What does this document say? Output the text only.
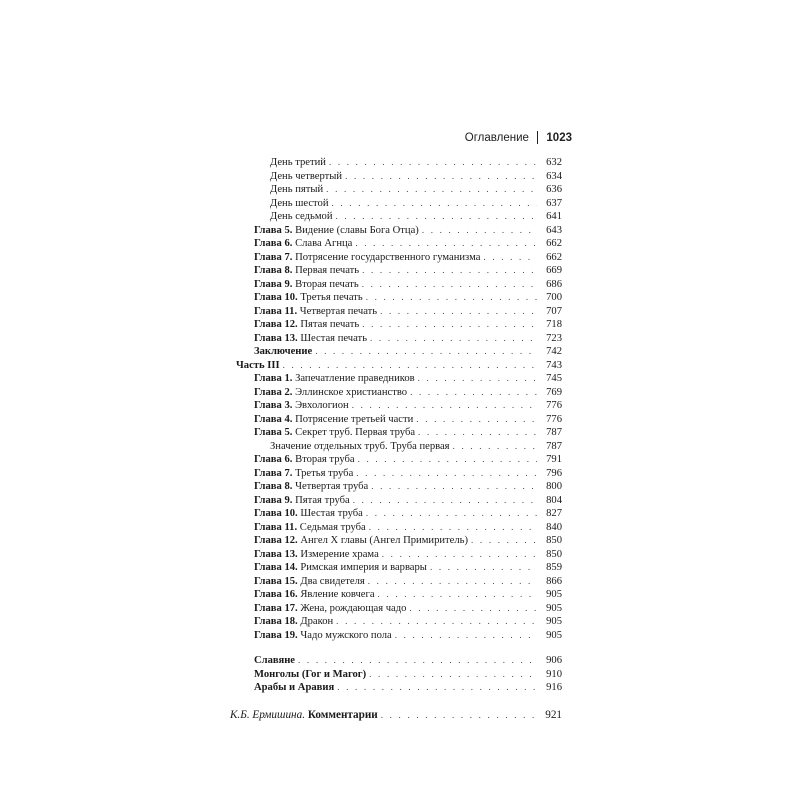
Оглавление 1023
День третий . . .	632
День четвертый . . .	634
День пятый . . .	636
День шестой . . .	637
День седьмой . . .	641
Глава 5. Видение (славы Бога Отца) . . .	643
Глава 6. Слава Агнца . . .	662
Глава 7. Потрясение государственного гуманизма . . .	662
Глава 8. Первая печать . . .	669
Глава 9. Вторая печать . . .	686
Глава 10. Третья печать . . .	700
Глава 11. Четвертая печать . . .	707
Глава 12. Пятая печать . . .	718
Глава 13. Шестая печать . . .	723
Заключение . . .	742
Часть III . . .	743
Глава 1. Запечатление праведников . . .	745
Глава 2. Эллинское христианство . . .	769
Глава 3. Эвхологион . . .	776
Глава 4. Потрясение третьей части . . .	776
Глава 5. Секрет труб. Первая труба . . .	787
Значение отдельных труб. Труба первая . . .	787
Глава 6. Вторая труба . . .	791
Глава 7. Третья труба . . .	796
Глава 8. Четвертая труба . . .	800
Глава 9. Пятая труба . . .	804
Глава 10. Шестая труба . . .	827
Глава 11. Седьмая труба . . .	840
Глава 12. Ангел X главы (Ангел Примиритель) . . .	850
Глава 13. Измерение храма . . .	850
Глава 14. Римская империя и варвары . . .	859
Глава 15. Два свидетеля . . .	866
Глава 16. Явление ковчега . . .	905
Глава 17. Жена, рождающая чадо . . .	905
Глава 18. Дракон . . .	905
Глава 19. Чадо мужского пола . . .	905
Славяне . . .	906
Монголы (Гог и Магог) . . .	910
Арабы и Аравия . . .	916
К.Б. Ермишина. Комментарии . . .	921
